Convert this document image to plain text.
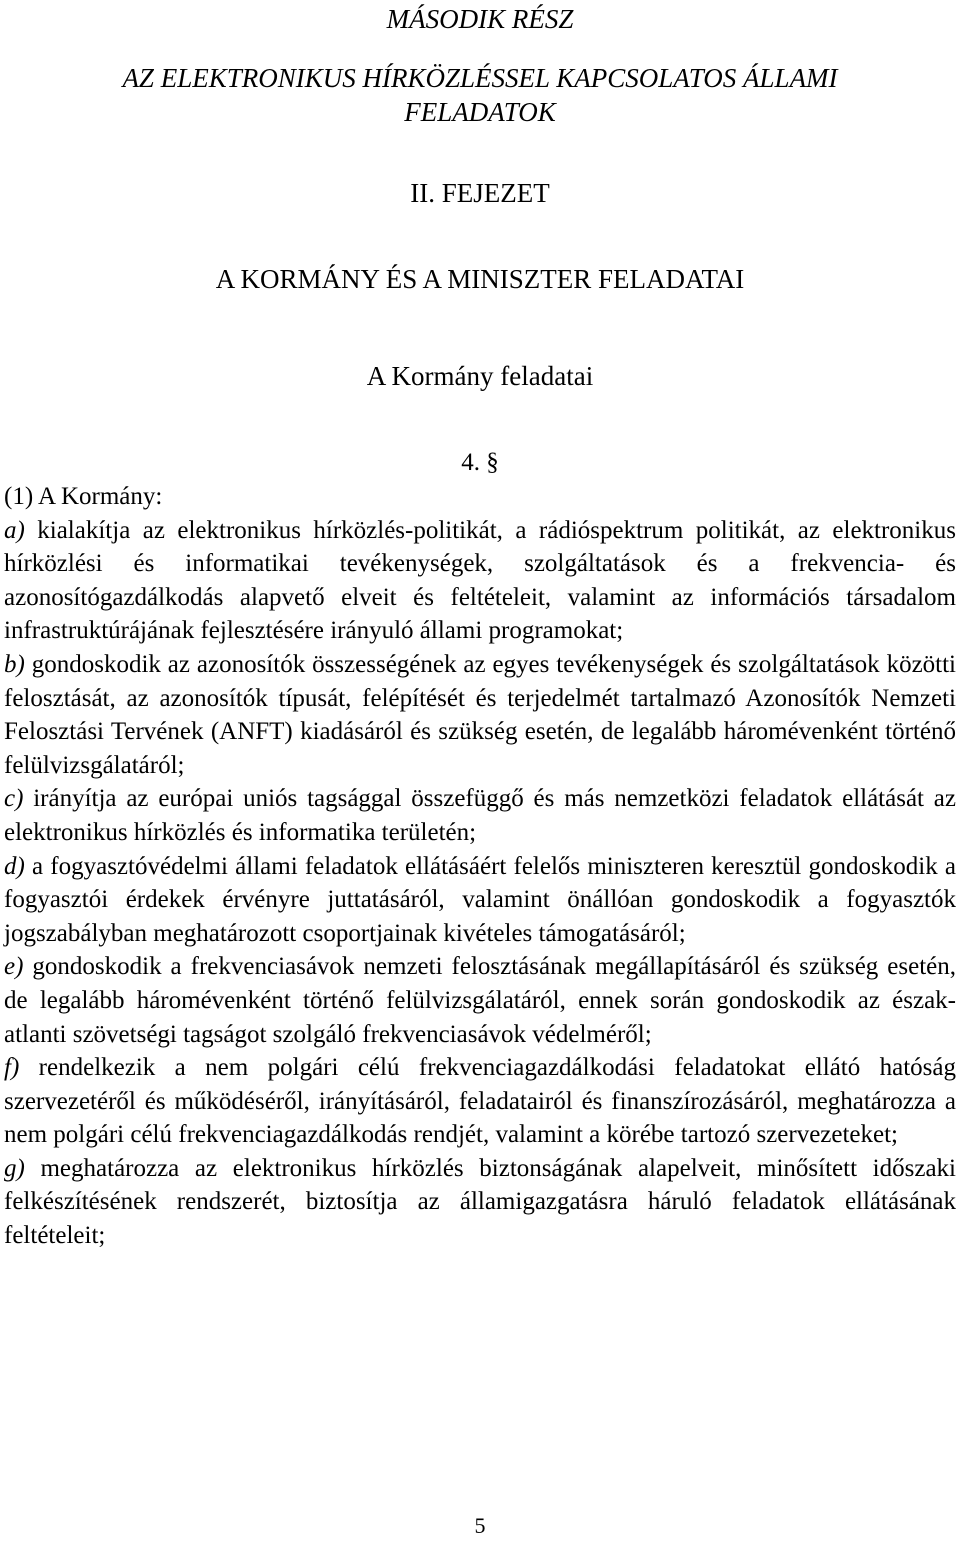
MÁSODIK RÉSZ
AZ ELEKTRONIKUS HÍRKÖZLÉSSEL KAPCSOLATOS ÁLLAMI
FELADATOK
II. FEJEZET
A KORMÁNY ÉS A MINISZTER FELADATAI
A Kormány feladatai
4. §

(1) A Kormány:

a) kialakítja az elektronikus hírközlés-politikát, a rádióspektrum politikát, az elektronikus hírközlési és informatikai tevékenységek, szolgáltatások és a frekvencia- és azonosítógazdálkodás alapvető elveit és feltételeit, valamint az információs társadalom infrastruktúrájának fejlesztésére irányuló állami programokat;

b) gondoskodik az azonosítók összességének az egyes tevékenységek és szolgáltatások közötti felosztását, az azonosítók típusát, felépítését és terjedelmét tartalmazó Azonosítók Nemzeti Felosztási Tervének (ANFT) kiadásáról és szükség esetén, de legalább háromévenként történő felülvizsgálatáról;

c) irányítja az európai uniós tagsággal összefüggő és más nemzetközi feladatok ellátását az elektronikus hírközlés és informatika területén;

d) a fogyasztóvédelmi állami feladatok ellátásáért felelős miniszteren keresztül gondoskodik a fogyasztói érdekek érvényre juttatásáról, valamint önállóan gondoskodik a fogyasztók jogszabályban meghatározott csoportjainak kivételes támogatásáról;

e) gondoskodik a frekvenciasávok nemzeti felosztásának megállapításáról és szükség esetén, de legalább háromévenként történő felülvizsgálatáról, ennek során gondoskodik az észak-atlanti szövetségi tagságot szolgáló frekvenciasávok védelméről;

f) rendelkezik a nem polgári célú frekvenciagazdálkodási feladatokat ellátó hatóság szervezetéről és működéséről, irányításáról, feladatairól és finanszírozásáról, meghatározza a nem polgári célú frekvenciagazdálkodás rendjét, valamint a körébe tartozó szervezeteket;

g) meghatározza az elektronikus hírközlés biztonságának alapelveit, minősített időszaki felkészítésének rendszerét, biztosítja az államigazgatásra háruló feladatok ellátásának feltételeit;

5
